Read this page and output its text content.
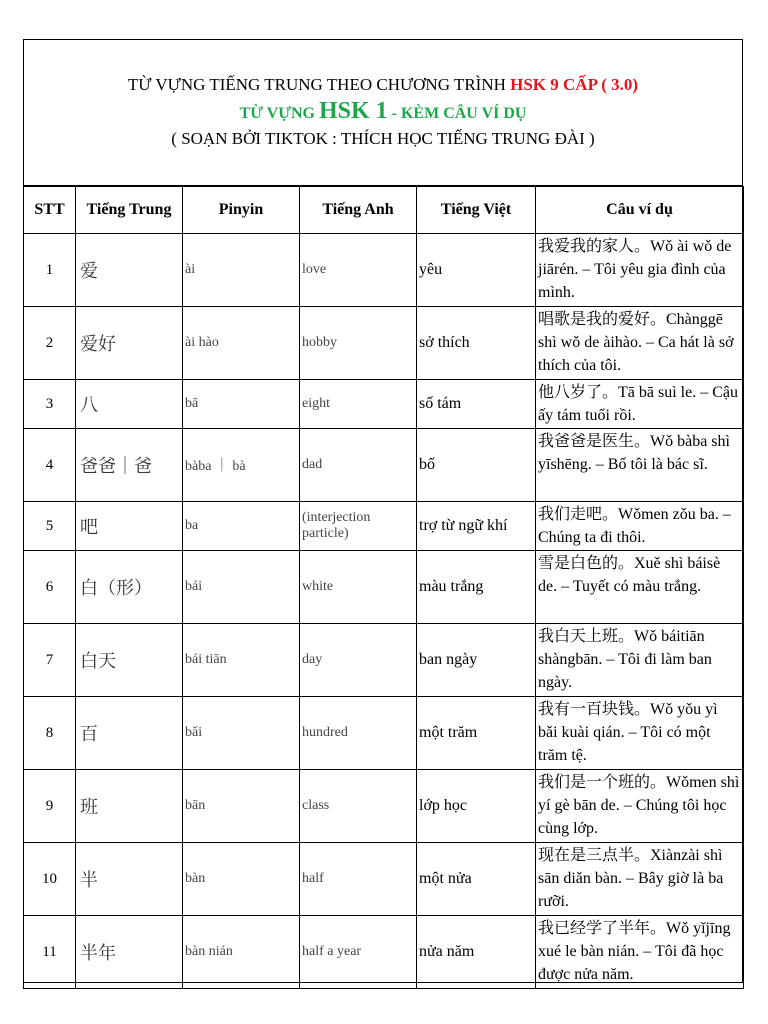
TỪ VỰNG TIẾNG TRUNG THEO CHƯƠNG TRÌNH HSK 9 CẤP ( 3.0)
TỪ VỰNG HSK 1 - KÈM CÂU VÍ DỤ
( SOẠN BỞI TIKTOK : THÍCH HỌC TIẾNG TRUNG ĐÀI )
STT	Tiếng Trung	Pinyin	Tiếng Anh	Tiếng Việt	Câu ví dụ
1	爱	ài	love	yêu	我爱我的家人。Wǒ ài wǒ de jiārén. – Tôi yêu gia đình của mình.
2	爱好	ài hào	hobby	sở thích	唱歌是我的爱好。Chànggē shì wǒ de àihào. – Ca hát là sở thích của tôi.
3	八	bā	eight	số tám	他八岁了。Tā bā suì le. – Cậu ấy tám tuổi rồi.
4	爸爸｜爸	bàba ｜ bà	dad	bố	我爸爸是医生。Wǒ bàba shì yīshēng. – Bố tôi là bác sĩ.
5	吧	ba	(interjection particle)	trợ từ ngữ khí	我们走吧。Wǒmen zǒu ba. – Chúng ta đi thôi.
6	白（形）	bái	white	màu trắng	雪是白色的。Xuě shì báisè de. – Tuyết có màu trắng.
7	白天	bái tiān	day	ban ngày	我白天上班。Wǒ báitiān shàngbān. – Tôi đi làm ban ngày.
8	百	bǎi	hundred	một trăm	我有一百块钱。Wǒ yǒu yì bǎi kuài qián. – Tôi có một trăm tệ.
9	班	bān	class	lớp học	我们是一个班的。Wǒmen shì yí gè bān de. – Chúng tôi học cùng lớp.
10	半	bàn	half	một nửa	现在是三点半。Xiànzài shì sān diǎn bàn. – Bây giờ là ba rưỡi.
11	半年	bàn nián	half a year	nửa năm	我已经学了半年。Wǒ yǐjīng xué le bàn nián. – Tôi đã học được nửa năm.
